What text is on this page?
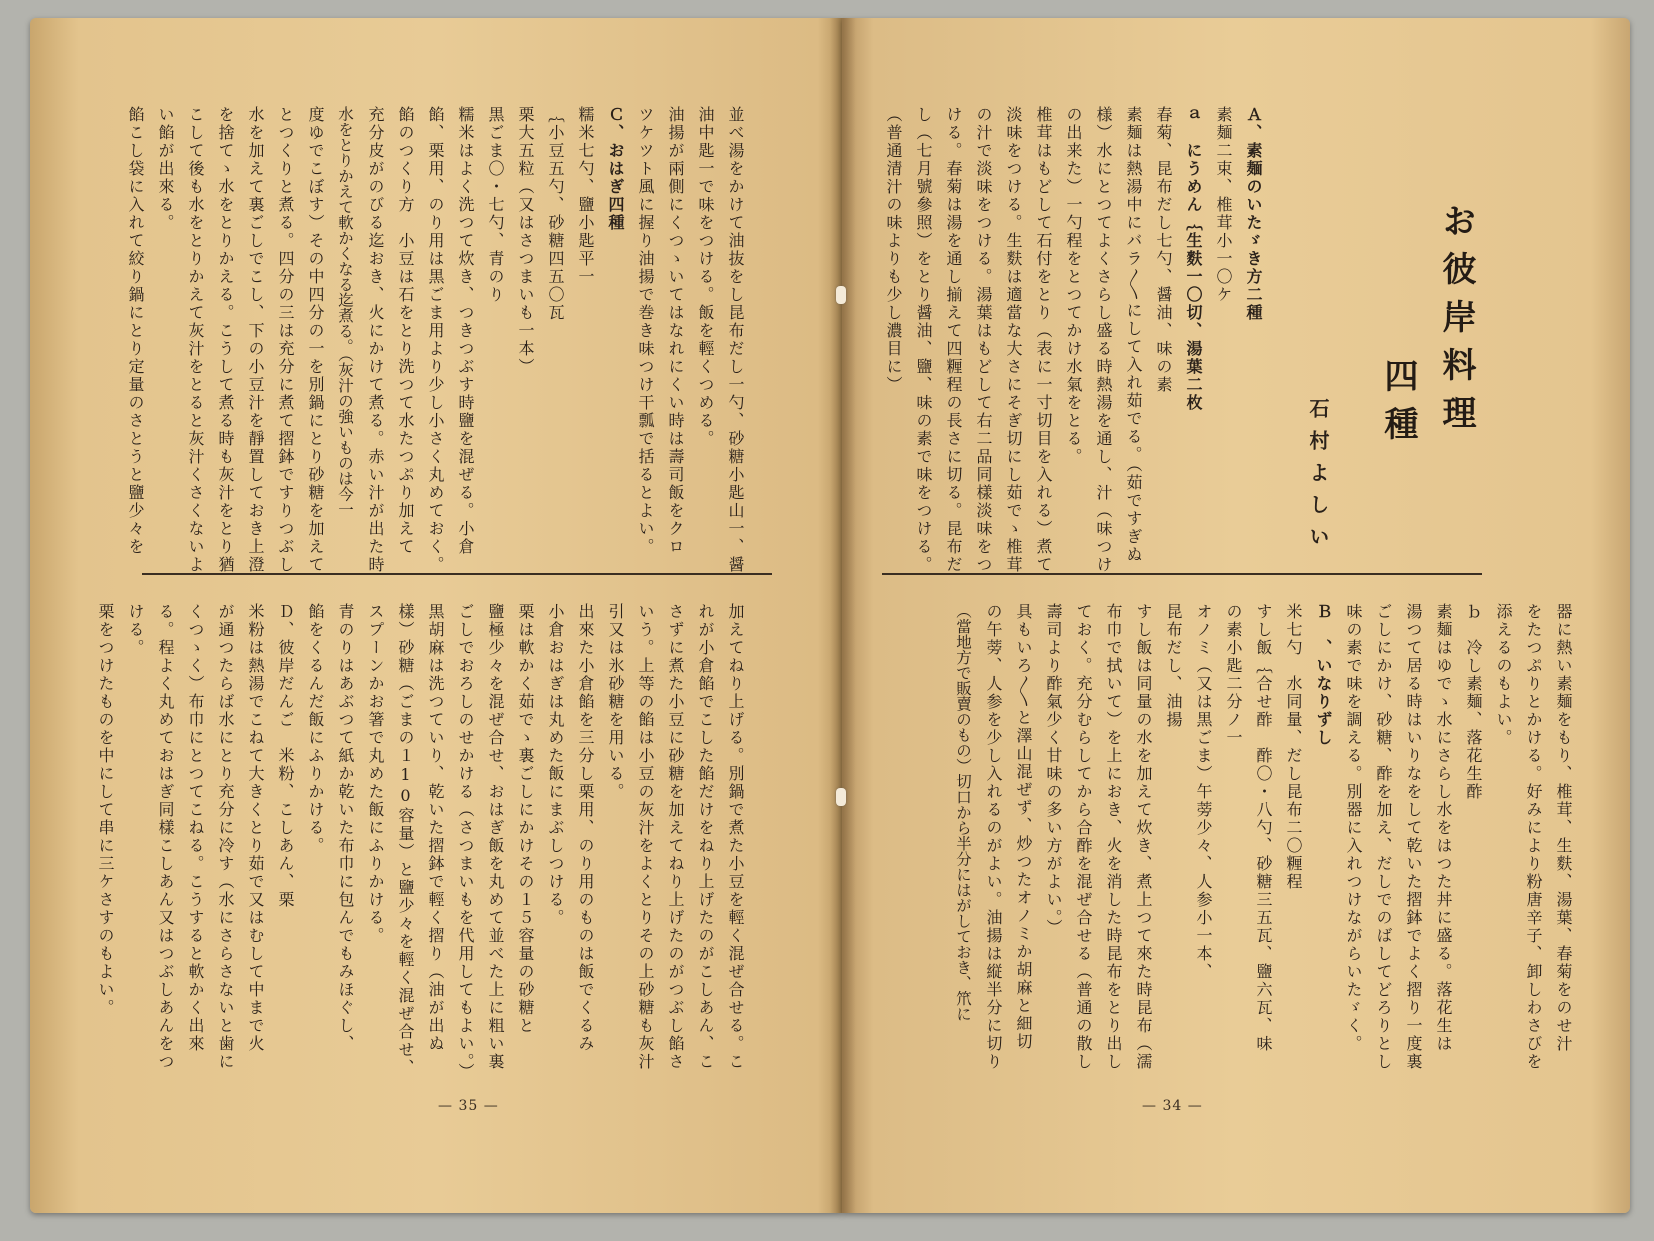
並べ湯をかけて油抜をし昆布だし一勺、砂糖小匙山一、醤
油中匙一で味をつける。飯を輕くつめる。
油揚が兩側にくつゝいてはなれにくい時は壽司飯をクロ
ツケツト風に握り油揚で巻き味つけ干瓢で括るとよい。
Ｃ、おはぎ四種
糯米七勺、鹽小匙平一
｛小豆五勺、砂糖四五〇瓦
栗大五粒（又はさつまいも一本）
黒ごま〇・七勺、青のり
糯米はよく洗つて炊き、つきつぶす時鹽を混ぜる。小倉
餡、栗用、のり用は黒ごま用より少し小さく丸めておく。
餡のつくり方　小豆は石をとり洗つて水たつぷり加えて
充分皮がのびる迄おき、火にかけて煮る。赤い汁が出た時
水をとりかえて軟かくなる迄煮る。（灰汁の強いものは今一
度ゆでこぼす）その中四分の一を別鍋にとり砂糖を加えて
とつくりと煮る。四分の三は充分に煮て摺鉢ですりつぶし
水を加えて裏ごしでこし、下の小豆汁を靜置しておき上澄
を捨てゝ水をとりかえる。こうして煮る時も灰汁をとり猶
こして後も水をとりかえて灰汁をとると灰汁くさくないよ
い餡が出來る。
餡こし袋に入れて絞り鍋にとり定量のさとうと鹽少々を
加えてねり上げる。別鍋で煮た小豆を輕く混ぜ合せる。こ
れが小倉餡でこした餡だけをねり上げたのがこしあん、こ
さずに煮た小豆に砂糖を加えてねり上げたのがつぶし餡さ
いう。上等の餡は小豆の灰汁をよくとりその上砂糖も灰汁
引又は氷砂糖を用いる。
出來た小倉餡を三分し栗用、のり用のものは飯でくるみ
小倉おはぎは丸めた飯にまぶしつける。
栗は軟かく茹でゝ裏ごしにかけその１５容量の砂糖と
鹽極少々を混ぜ合せ、おはぎ飯を丸めて並べた上に粗い裏
ごしでおろしのせかける（さつまいもを代用してもよい。）
黒胡麻は洗つていり、乾いた摺鉢で輕く摺り（油が出ぬ
樣）砂糖（ごまの１10容量）と鹽少々を輕く混ぜ合せ、
スプーンかお箸で丸めた飯にふりかける。
青のりはあぶつて紙か乾いた布巾に包んでもみほぐし、
餡をくるんだ飯にふりかける。
Ｄ、彼岸だんご　米粉、こしあん、栗
米粉は熱湯でこねて大きくとり茹で又はむして中まで火
が通つたらば水にとり充分に冷す（水にさらさないと歯に
くつゝく）布巾にとつてこねる。こうすると軟かく出來
る。程よく丸めておはぎ同樣こしあん又はつぶしあんをつ
ける。
栗をつけたものを中にして串に三ケさすのもよい。
— 35 —
お彼岸料理
四種
石村よしい
Ａ、素麺のいたゞき方二種
素麺二束、椎茸小一〇ケ
ａ　にうめん｛生麩一〇切、湯葉二枚
春菊、昆布だし七勺、醤油、味の素
素麺は熱湯中にバラ〳〵にして入れ茹でる。（茹ですぎぬ
様）水にとつてよくさらし盛る時熱湯を通し、汁（味つけ
の出来た）一勺程をとつてかけ水氣をとる。
椎茸はもどして石付をとり（表に一寸切目を入れる）煮て
淡味をつける。生麩は適當な大さにそぎ切にし茹でゝ椎茸
の汁で淡味をつける。湯葉はもどして右二品同樣淡味をつ
ける。春菊は湯を通し揃えて四糎程の長さに切る。昆布だ
し（七月號參照）をとり醤油、鹽、味の素で味をつける。
（普通清汁の味よりも少し濃目に）
器に熱い素麺をもり、椎茸、生麩、湯葉、春菊をのせ汁
をたつぷりとかける。好みにより粉唐辛子、卸しわさびを
添えるのもよい。
ｂ　冷し素麺、落花生酢
素麺はゆでゝ水にさらし水をはつた丼に盛る。落花生は
湯つて居る時はいりなをして乾いた摺鉢でよく摺り一度裏
ごしにかけ、砂糖、酢を加え、だしでのばしてどろりとし
味の素で味を調える。別器に入れつけながらいたゞく。
Ｂ　、いなりずし
米七勺　水同量、だし昆布二〇糎程
すし飯｛合せ酢　酢〇・八勺、砂糖三五瓦、鹽六瓦、味
の素小匙二分ノ一
オノミ（又は黒ごま）午蒡少々、人参小一本、
昆布だし、油揚
すし飯は同量の水を加えて炊き、煮上つて來た時昆布（濡
布巾で拭いて）を上におき、火を消した時昆布をとり出し
ておく。充分むらしてから合酢を混ぜ合せる（普通の散し
壽司より酢氣少く甘味の多い方がよい。）
具もいろ〳〵と澤山混ぜず、炒つたオノミか胡麻と細切
の午蒡、人参を少し入れるのがよい。油揚は縦半分に切り
（當地方で販賣のもの）切口から半分にはがしておき、笊に
— 34 —
